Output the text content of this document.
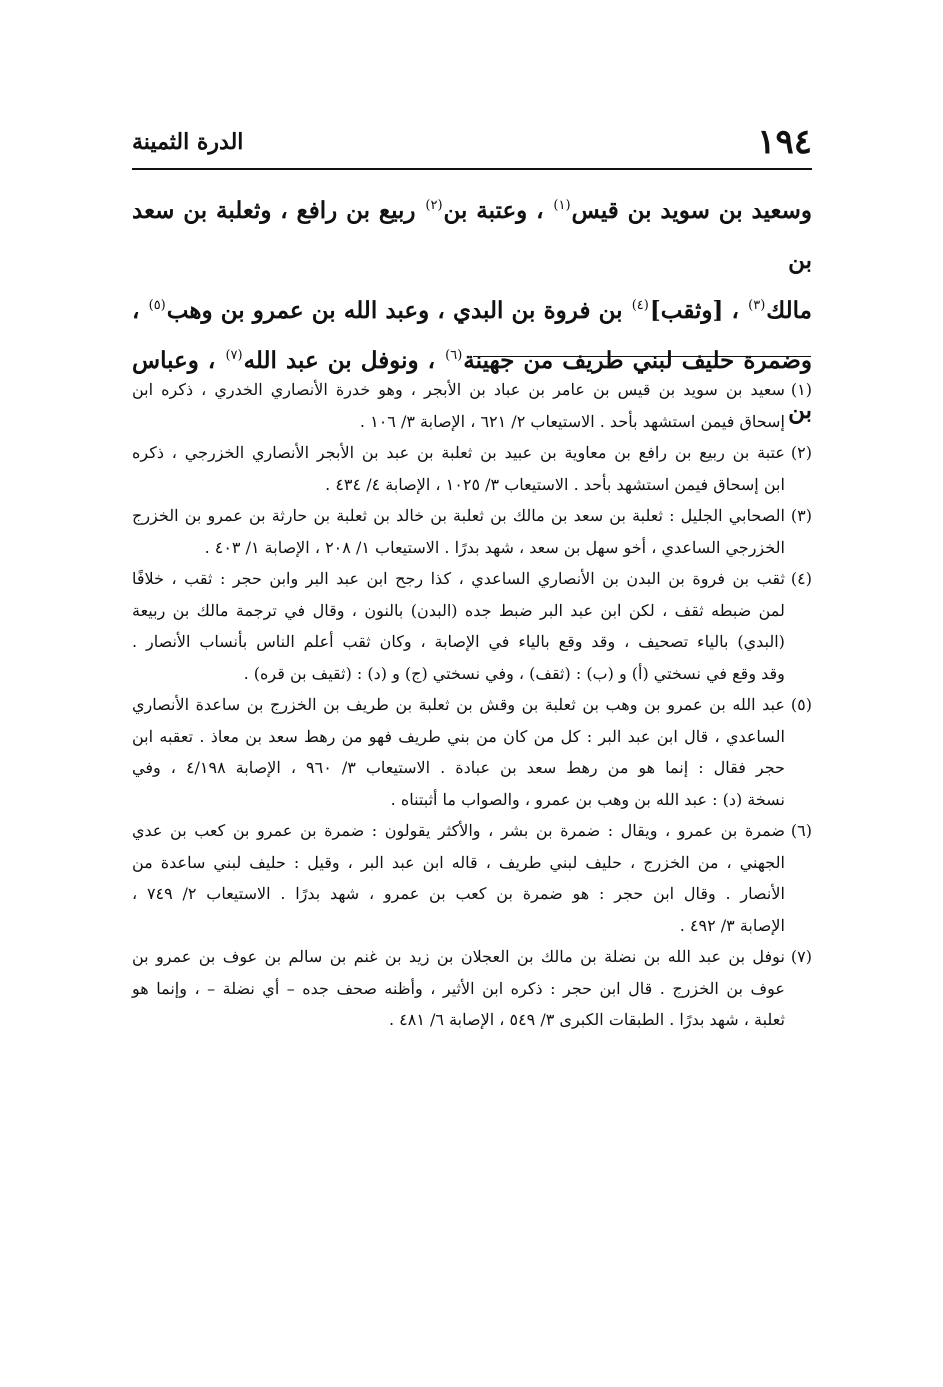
١٩٤
الدرة الثمينة

وسعيد بن سويد بن قيس$^{(١)}$ ، وعتبة بن$^{(٢)}$ ربيع بن رافع ، وثعلبة بن سعد بن

مالك$^{(٣)}$ ، [وثقب]$^{(٤)}$ بن فروة بن البدي ، وعبد الله بن عمرو بن وهب$^{(٥)}$ ،

وضمرة حليف لبني طريف من جهينة$^{(٦)}$ ، ونوفل بن عبد الله$^{(٧)}$ ، وعباس بن

(١)
سعيد بن سويد بن قيس بن عامر بن عباد بن الأبجر ، وهو خدرة الأنصاري الخدري ، ذكره ابن
إسحاق فيمن استشهد بأحد . الاستيعاب ٢/ ٦٢١ ، الإصابة ٣/ ١٠٦ .
(٢)
عتبة بن ربيع بن رافع بن معاوية بن عبيد بن ثعلبة بن عبد بن الأبجر الأنصاري الخزرجي ، ذكره
ابن إسحاق فيمن استشهد بأحد . الاستيعاب ٣/ ١٠٢٥ ، الإصابة ٤/ ٤٣٤ .
(٣)
الصحابي الجليل : ثعلبة بن سعد بن مالك بن ثعلبة بن خالد بن ثعلبة بن حارثة بن عمرو بن الخزرج
الخزرجي الساعدي ، أخو سهل بن سعد ، شهد بدرًا . الاستيعاب ١/ ٢٠٨ ، الإصابة ١/ ٤٠٣ .
(٤)
ثقب بن فروة بن البدن بن الأنصاري الساعدي ، كذا رجح ابن عبد البر وابن حجر : ثقب ، خلافًا
لمن ضبطه ثقف ، لكن ابن عبد البر ضبط جده (البدن) بالنون ، وقال في ترجمة مالك بن ربيعة
(البدي) بالياء تصحيف ، وقد وقع بالياء في الإصابة ، وكان ثقب أعلم الناس بأنساب الأنصار .
وقد وقع في نسختي (أ) و (ب) : (ثقف) ، وفي نسختي (ج) و (د) : (ثقيف بن قره) .
(٥)
عبد الله بن عمرو بن وهب بن ثعلبة بن وقش بن ثعلبة بن طريف بن الخزرج بن ساعدة الأنصاري
الساعدي ، قال ابن عبد البر : كل من كان من بني طريف فهو من رهط سعد بن معاذ . تعقبه ابن
حجر فقال : إنما هو من رهط سعد بن عبادة . الاستيعاب ٣/ ٩٦٠ ، الإصابة ٤/١٩٨ ، وفي
نسخة (د) : عبد الله بن وهب بن عمرو ، والصواب ما أثبتناه .
(٦)
ضمرة بن عمرو ، ويقال : ضمرة بن بشر ، والأكثر يقولون : ضمرة بن عمرو بن كعب بن عدي
الجهني ، من الخزرج ، حليف لبني طريف ، قاله ابن عبد البر ، وقيل : حليف لبني ساعدة من
الأنصار . وقال ابن حجر : هو ضمرة بن كعب بن عمرو ، شهد بدرًا . الاستيعاب ٢/ ٧٤٩ ،
الإصابة ٣/ ٤٩٢ .
(٧)
نوفل بن عبد الله بن نضلة بن مالك بن العجلان بن زيد بن غنم بن سالم بن عوف بن عمرو بن
عوف بن الخزرج . قال ابن حجر : ذكره ابن الأثير ، وأظنه صحف جده – أي نضلة – ، وإنما هو
ثعلبة ، شهد بدرًا . الطبقات الكبرى ٣/ ٥٤٩ ، الإصابة ٦/ ٤٨١ .
